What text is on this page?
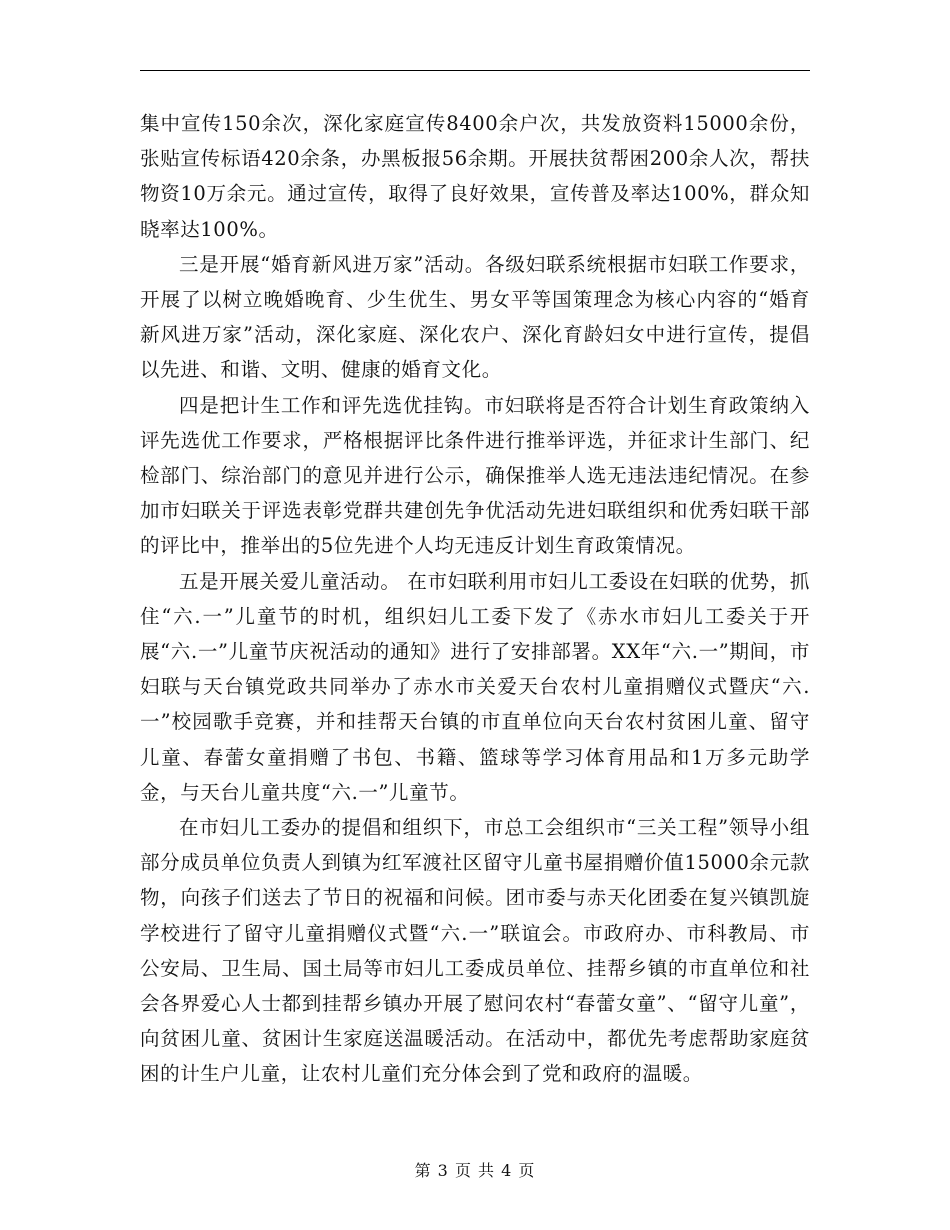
集中宣传150余次，深化家庭宣传8400余户次，共发放资料15000余份，张贴宣传标语420余条，办黑板报56余期。开展扶贫帮困200余人次，帮扶物资10万余元。通过宣传，取得了良好效果，宣传普及率达100%，群众知晓率达100%。

三是开展“婚育新风进万家”活动。各级妇联系统根据市妇联工作要求，开展了以树立晚婚晚育、少生优生、男女平等国策理念为核心内容的“婚育新风进万家”活动，深化家庭、深化农户、深化育龄妇女中进行宣传，提倡以先进、和谐、文明、健康的婚育文化。

四是把计生工作和评先选优挂钩。市妇联将是否符合计划生育政策纳入评先选优工作要求，严格根据评比条件进行推举评选，并征求计生部门、纪检部门、综治部门的意见并进行公示，确保推举人选无违法违纪情况。在参加市妇联关于评选表彰党群共建创先争优活动先进妇联组织和优秀妇联干部的评比中，推举出的5位先进个人均无违反计划生育政策情况。

五是开展关爱儿童活动。 在市妇联利用市妇儿工委设在妇联的优势，抓住“六.一”儿童节的时机，组织妇儿工委下发了《赤水市妇儿工委关于开展“六.一”儿童节庆祝活动的通知》进行了安排部署。XX年“六.一”期间，市妇联与天台镇党政共同举办了赤水市关爱天台农村儿童捐赠仪式暨庆“六.一”校园歌手竞赛，并和挂帮天台镇的市直单位向天台农村贫困儿童、留守儿童、春蕾女童捐赠了书包、书籍、篮球等学习体育用品和1万多元助学金，与天台儿童共度“六.一”儿童节。

在市妇儿工委办的提倡和组织下，市总工会组织市“三关工程”领导小组部分成员单位负责人到镇为红军渡社区留守儿童书屋捐赠价值15000余元款物，向孩子们送去了节日的祝福和问候。团市委与赤天化团委在复兴镇凯旋学校进行了留守儿童捐赠仪式暨“六.一”联谊会。市政府办、市科教局、市公安局、卫生局、国土局等市妇儿工委成员单位、挂帮乡镇的市直单位和社会各界爱心人士都到挂帮乡镇办开展了慰问农村“春蕾女童”、“留守儿童”，向贫困儿童、贫困计生家庭送温暖活动。在活动中，都优先考虑帮助家庭贫困的计生户儿童，让农村儿童们充分体会到了党和政府的温暖。

第 3 页 共 4 页
